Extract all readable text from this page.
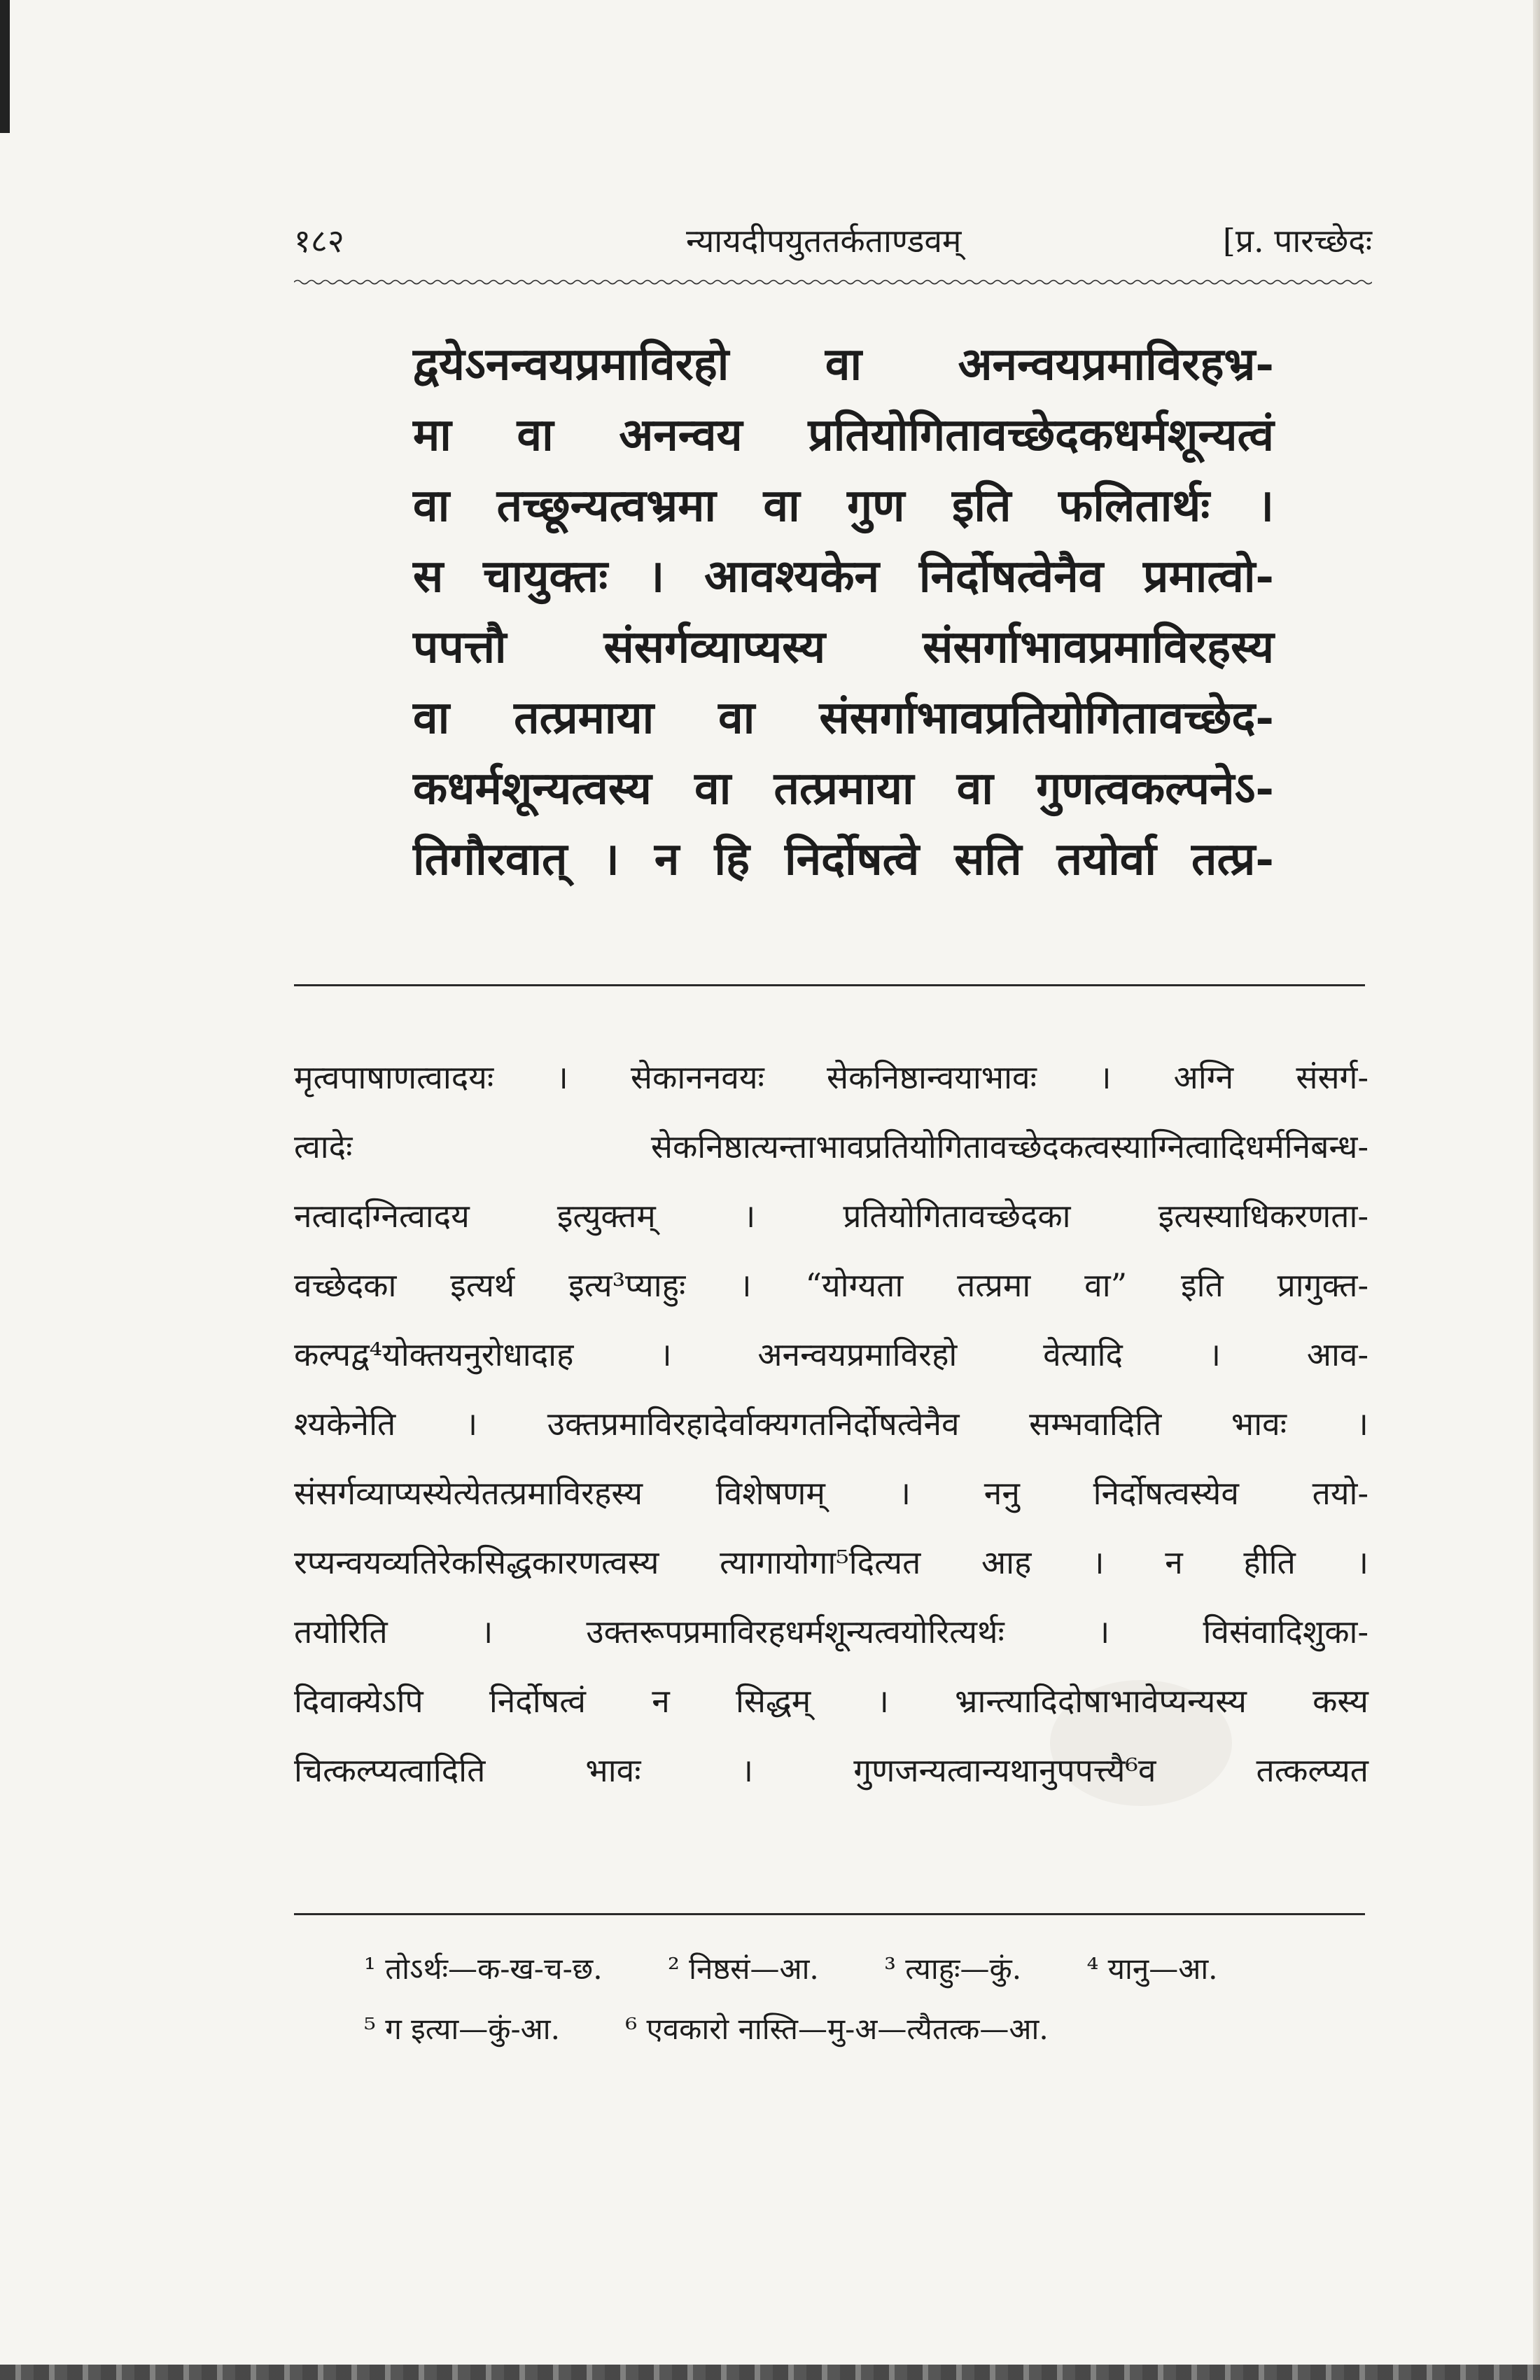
१८२	न्यायदीपयुततर्कताण्डवम्	[प्र. पारच्छेदः
द्वयेऽनन्वयप्रमाविरहो वा अनन्वयप्रमाविरहभ्र-
मा वा अनन्वय प्रतियोगितावच्छेदकधर्मशून्यत्वं
वा तच्छून्यत्वभ्रमा वा गुण इति फलितार्थः ।
स चायुक्तः । आवश्यकेन निर्दोषत्वेनैव प्रमात्वो-
पपत्तौ संसर्गव्याप्यस्य संसर्गाभावप्रमाविरहस्य
वा तत्प्रमाया वा संसर्गाभावप्रतियोगितावच्छेद-
कधर्मशून्यत्वस्य वा तत्प्रमाया वा गुणत्वकल्पनेऽ-
तिगौरवात् । न हि निर्दोषत्वे सति तयोर्वा तत्प्र-
मृत्वपाषाणत्वादयः । सेकाननवयः सेकनिष्ठान्वयाभावः । अग्नि संसर्ग-
त्वादेः सेकनिष्ठात्यन्ताभावप्रतियोगितावच्छेदकत्वस्याग्नित्वादिधर्मनिबन्ध-
नत्वादग्नित्वादय इत्युक्तम् । प्रतियोगितावच्छेदका इत्यस्याधिकरणता-
वच्छेदका इत्यर्थ इत्य³प्याहुः । “योग्यता तत्प्रमा वा” इति प्रागुक्त-
कल्पद्व⁴योक्तयनुरोधादाह । अनन्वयप्रमाविरहो वेत्यादि । आव-
श्यकेनेति । उक्तप्रमाविरहादेर्वाक्यगतनिर्दोषत्वेनैव सम्भवादिति भावः ।
संसर्गव्याप्यस्येत्येतत्प्रमाविरहस्य विशेषणम् । ननु निर्दोषत्वस्येव तयो-
रप्यन्वयव्यतिरेकसिद्धकारणत्वस्य त्यागायोगा⁵दित्यत आह । न हीति ।
तयोरिति । उक्तरूपप्रमाविरहधर्मशून्यत्वयोरित्यर्थः । विसंवादिशुका-
दिवाक्येऽपि निर्दोषत्वं न सिद्धम् । भ्रान्त्यादिदोषाभावेप्यन्यस्य कस्य
चित्कल्प्यत्वादिति भावः । गुणजन्यत्वान्यथानुपपत्त्यै⁶व तत्कल्प्यत
¹ तोऽर्थः—क-ख-च-छ. ² निष्ठसं—आ. ³ त्याहुः—कुं. ⁴ यानु—आ.
⁵ ग इत्या—कुं-आ. ⁶ एवकारो नास्ति—मु-अ—त्यैतत्क—आ.
